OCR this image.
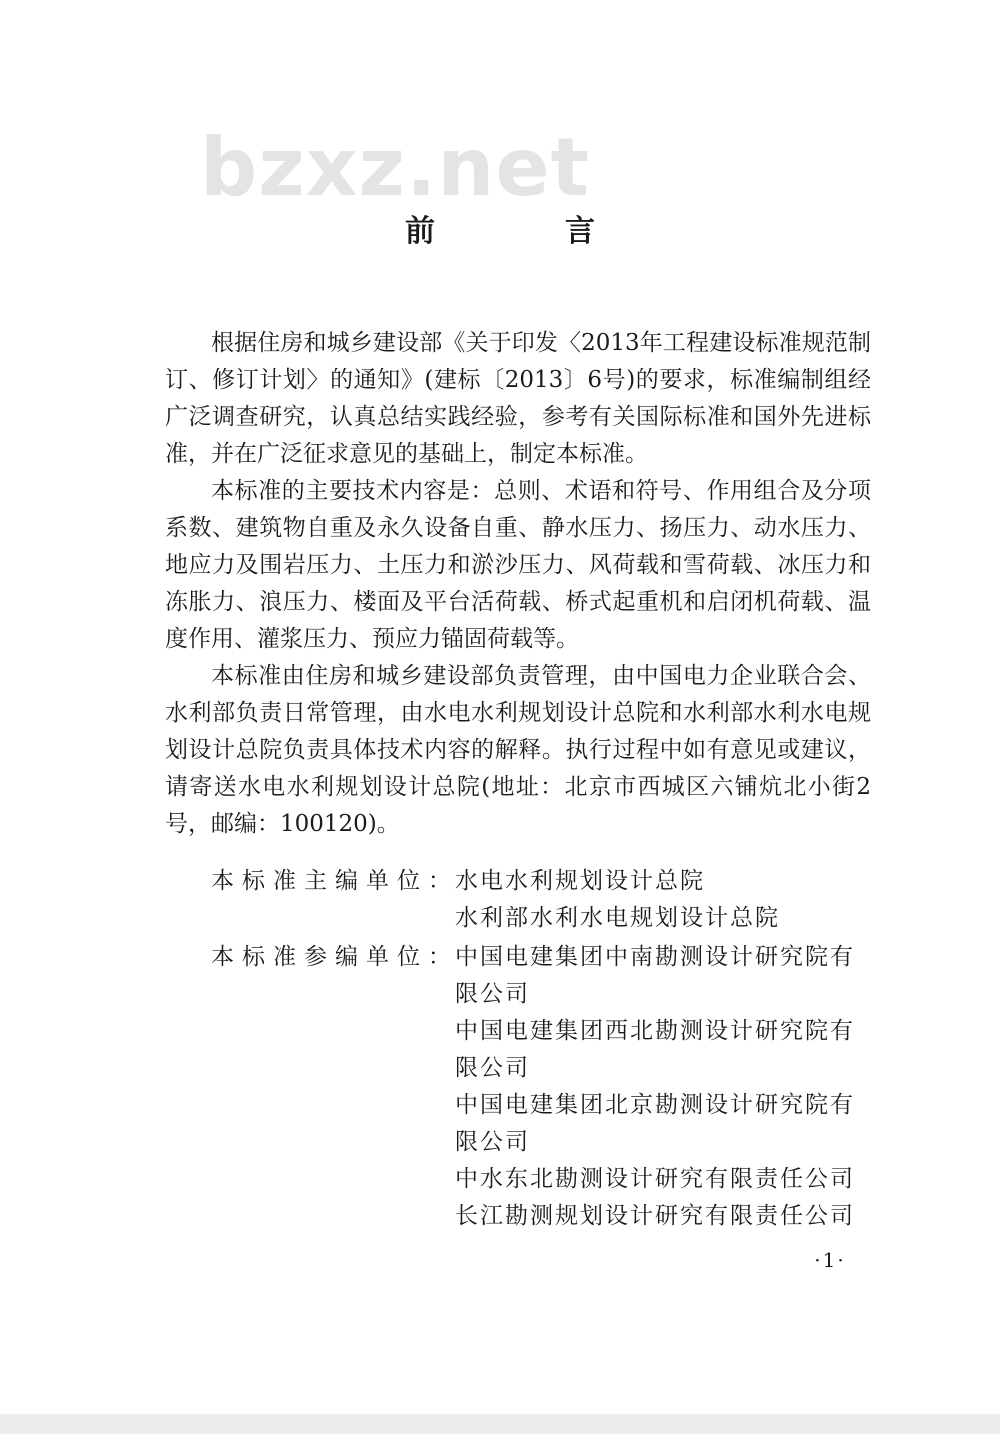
bzxz.net
前　言

根据住房和城乡建设部《关于印发〈2013年工程建设标准规范制订、修订计划〉的通知》(建标〔2013〕6号)的要求，标准编制组经广泛调查研究，认真总结实践经验，参考有关国际标准和国外先进标准，并在广泛征求意见的基础上，制定本标准。

本标准的主要技术内容是：总则、术语和符号、作用组合及分项系数、建筑物自重及永久设备自重、静水压力、扬压力、动水压力、地应力及围岩压力、土压力和淤沙压力、风荷载和雪荷载、冰压力和冻胀力、浪压力、楼面及平台活荷载、桥式起重机和启闭机荷载、温度作用、灌浆压力、预应力锚固荷载等。

本标准由住房和城乡建设部负责管理，由中国电力企业联合会、水利部负责日常管理，由水电水利规划设计总院和水利部水利水电规划设计总院负责具体技术内容的解释。执行过程中如有意见或建议，请寄送水电水利规划设计总院(地址：北京市西城区六铺炕北小街2号，邮编：100120)。

本标准主编单位：
水电水利规划设计总院
水利部水利水电规划设计总院
本标准参编单位：
中国电建集团中南勘测设计研究院有限公司
中国电建集团西北勘测设计研究院有限公司
中国电建集团北京勘测设计研究院有限公司
中水东北勘测设计研究有限责任公司
长江勘测规划设计研究有限责任公司
·1·
